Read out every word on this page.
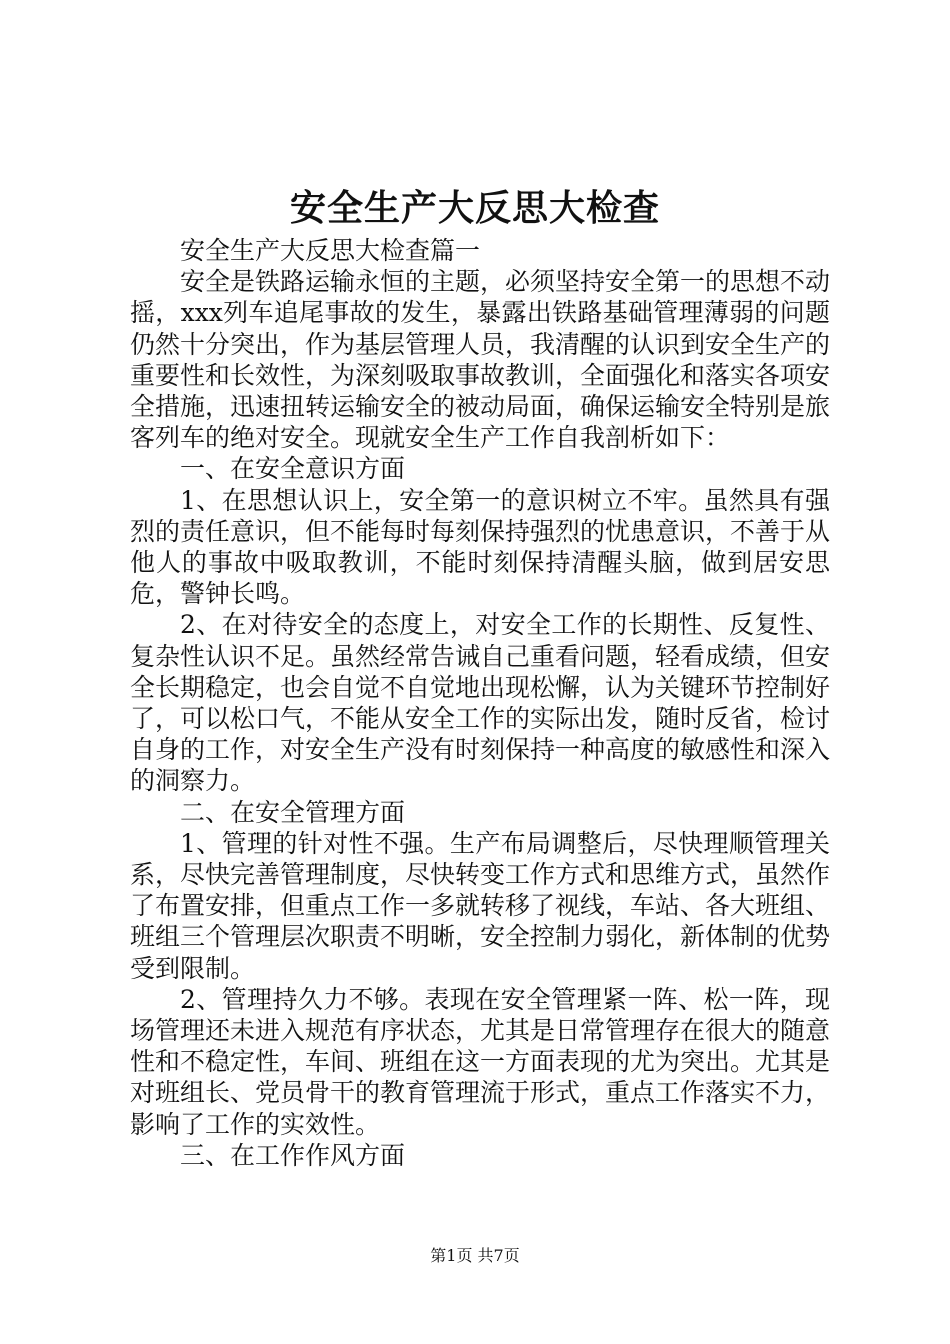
安全生产大反思大检查

安全生产大反思大检查篇一

安全是铁路运输永恒的主题，必须坚持安全第一的思想不动摇，xxx列车追尾事故的发生，暴露出铁路基础管理薄弱的问题仍然十分突出，作为基层管理人员，我清醒的认识到安全生产的重要性和长效性，为深刻吸取事故教训，全面强化和落实各项安全措施，迅速扭转运输安全的被动局面，确保运输安全特别是旅客列车的绝对安全。现就安全生产工作自我剖析如下：

一、在安全意识方面

1、在思想认识上，安全第一的意识树立不牢。虽然具有强烈的责任意识，但不能每时每刻保持强烈的忧患意识，不善于从他人的事故中吸取教训，不能时刻保持清醒头脑，做到居安思危，警钟长鸣。

2、在对待安全的态度上，对安全工作的长期性、反复性、复杂性认识不足。虽然经常告诫自己重看问题，轻看成绩，但安全长期稳定，也会自觉不自觉地出现松懈，认为关键环节控制好了，可以松口气，不能从安全工作的实际出发，随时反省，检讨自身的工作，对安全生产没有时刻保持一种高度的敏感性和深入的洞察力。

二、在安全管理方面

1、管理的针对性不强。生产布局调整后，尽快理顺管理关系，尽快完善管理制度，尽快转变工作方式和思维方式，虽然作了布置安排，但重点工作一多就转移了视线，车站、各大班组、班组三个管理层次职责不明晰，安全控制力弱化，新体制的优势受到限制。

2、管理持久力不够。表现在安全管理紧一阵、松一阵，现场管理还未进入规范有序状态，尤其是日常管理存在很大的随意性和不稳定性，车间、班组在这一方面表现的尤为突出。尤其是对班组长、党员骨干的教育管理流于形式，重点工作落实不力，影响了工作的实效性。

三、在工作作风方面

第1页 共7页
